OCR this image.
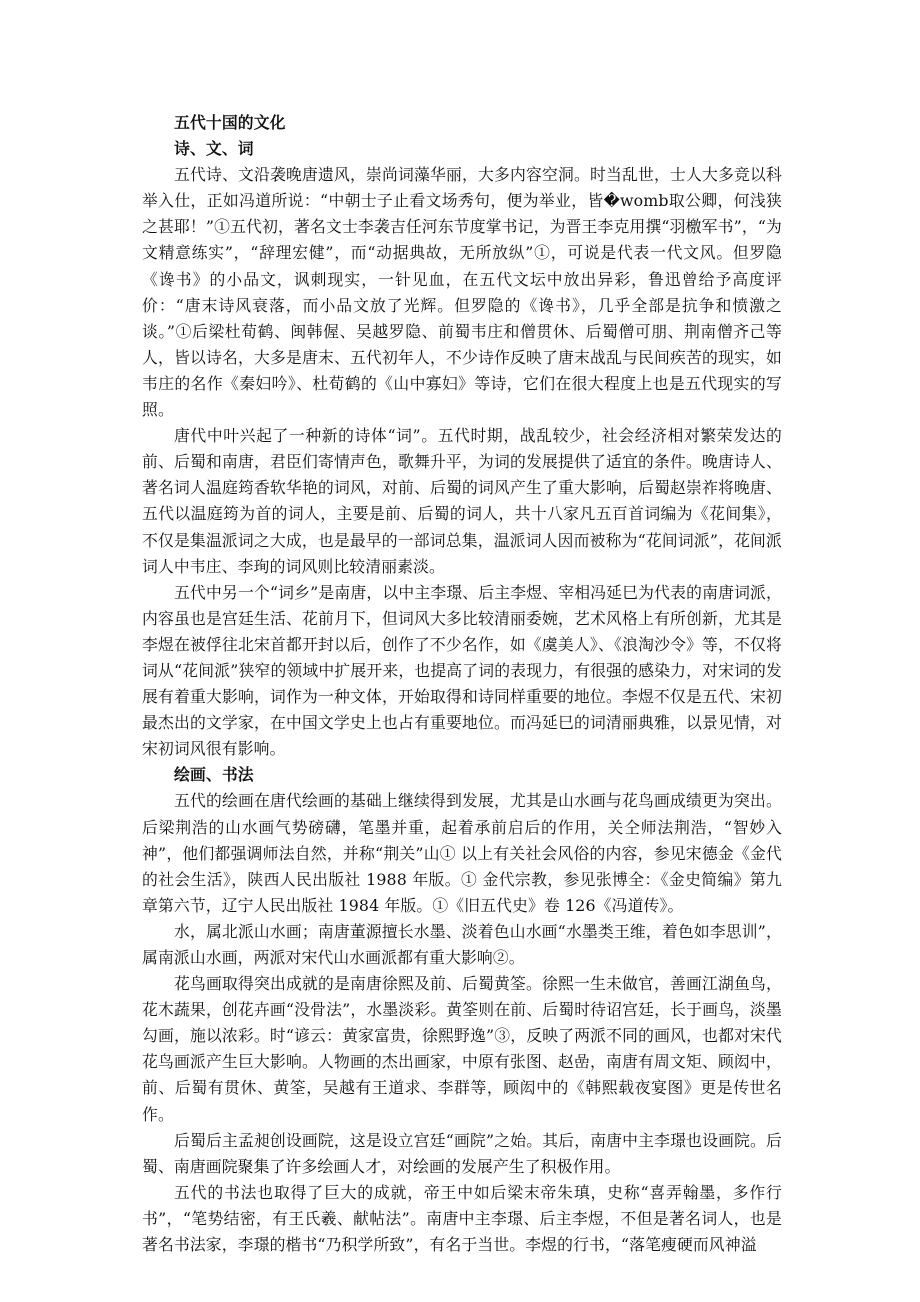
五代十国的文化
诗、文、词

五代诗、文沿袭晚唐遗风，崇尚词藻华丽，大多内容空洞。时当乱世，士人大多竞以科举入仕，正如冯道所说：“中朝士子止看文场秀句，便为举业，皆�womb取公卿，何浅狭之甚耶！”①五代初，著名文士李袭吉任河东节度掌书记，为晋王李克用撰“羽檄军书”，“为文精意练实”，“辞理宏健”，而“动据典故，无所放纵”①，可说是代表一代文风。但罗隐《谗书》的小品文，讽刺现实，一针见血，在五代文坛中放出异彩，鲁迅曾给予高度评价：“唐末诗风衰落，而小品文放了光辉。但罗隐的《谗书》，几乎全部是抗争和愤激之谈。”①后梁杜荀鹤、闽韩偓、吴越罗隐、前蜀韦庄和僧贯休、后蜀僧可朋、荆南僧齐己等人，皆以诗名，大多是唐末、五代初年人，不少诗作反映了唐末战乱与民间疾苦的现实，如韦庄的名作《秦妇吟》、杜荀鹤的《山中寡妇》等诗，它们在很大程度上也是五代现实的写照。

唐代中叶兴起了一种新的诗体“词”。五代时期，战乱较少，社会经济相对繁荣发达的前、后蜀和南唐，君臣们寄情声色，歌舞升平，为词的发展提供了适宜的条件。晚唐诗人、著名词人温庭筠香软华艳的词风，对前、后蜀的词风产生了重大影响，后蜀赵崇祚将晚唐、五代以温庭筠为首的词人，主要是前、后蜀的词人，共十八家凡五百首词编为《花间集》，不仅是集温派词之大成，也是最早的一部词总集，温派词人因而被称为“花间词派”，花间派词人中韦庄、李珣的词风则比较清丽素淡。

五代中另一个“词乡”是南唐，以中主李璟、后主李煜、宰相冯延巳为代表的南唐词派，内容虽也是宫廷生活、花前月下，但词风大多比较清丽委婉，艺术风格上有所创新，尤其是李煜在被俘往北宋首都开封以后，创作了不少名作，如《虞美人》、《浪淘沙令》等，不仅将词从“花间派”狭窄的领域中扩展开来，也提高了词的表现力，有很强的感染力，对宋词的发展有着重大影响，词作为一种文体，开始取得和诗同样重要的地位。李煜不仅是五代、宋初最杰出的文学家，在中国文学史上也占有重要地位。而冯延巳的词清丽典雅，以景见情，对宋初词风很有影响。

绘画、书法

五代的绘画在唐代绘画的基础上继续得到发展，尤其是山水画与花鸟画成绩更为突出。后梁荆浩的山水画气势磅礴，笔墨并重，起着承前启后的作用，关仝师法荆浩，“智妙入神”，他们都强调师法自然，并称“荆关”山① 以上有关社会风俗的内容，参见宋德金《金代的社会生活》，陕西人民出版社 1988 年版。① 金代宗教，参见张博全：《金史简编》第九章第六节，辽宁人民出版社 1984 年版。①《旧五代史》卷 126《冯道传》。

水，属北派山水画；南唐董源擅长水墨、淡着色山水画“水墨类王维，着色如李思训”，属南派山水画，两派对宋代山水画派都有重大影响②。

花鸟画取得突出成就的是南唐徐熙及前、后蜀黄筌。徐熙一生未做官，善画江湖鱼鸟，花木蔬果，创花卉画“没骨法”，水墨淡彩。黄筌则在前、后蜀时待诏宫廷，长于画鸟，淡墨勾画，施以浓彩。时“谚云：黄家富贵，徐熙野逸”③，反映了两派不同的画风，也都对宋代花鸟画派产生巨大影响。人物画的杰出画家，中原有张图、赵嵒，南唐有周文矩、顾闳中，前、后蜀有贯休、黄筌，吴越有王道求、李群等，顾闳中的《韩熙载夜宴图》更是传世名作。

后蜀后主孟昶创设画院，这是设立宫廷“画院”之始。其后，南唐中主李璟也设画院。后蜀、南唐画院聚集了许多绘画人才，对绘画的发展产生了积极作用。

五代的书法也取得了巨大的成就，帝王中如后梁末帝朱瑱，史称“喜弄翰墨，多作行书”，“笔势结密，有王氏羲、献帖法”。南唐中主李璟、后主李煜，不但是著名词人，也是著名书法家，李璟的楷书“乃积学所致”，有名于当世。李煜的行书，“落笔瘦硬而风神溢
